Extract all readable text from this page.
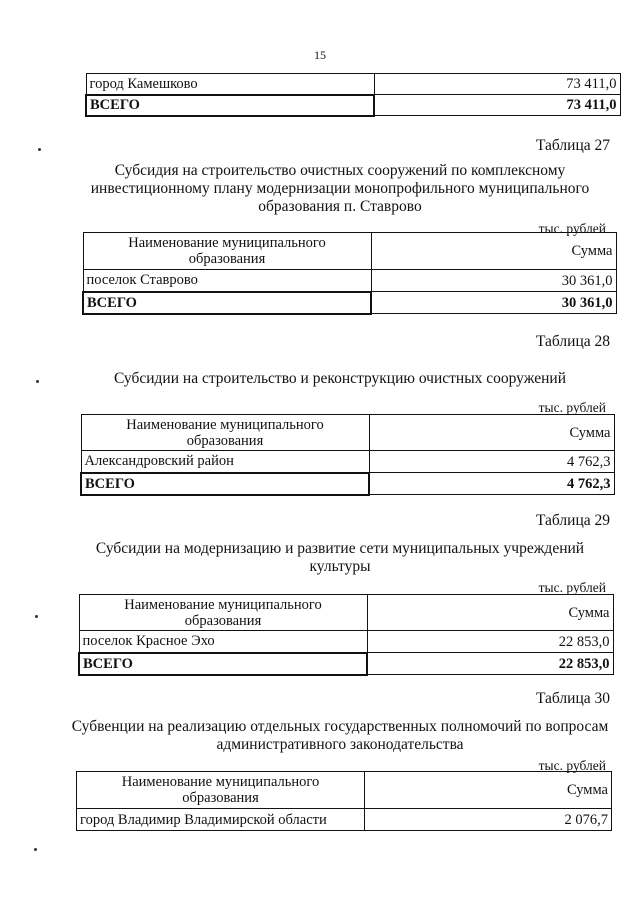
15
город Камешково	73 411,0
ВСЕГО	73 411,0
Таблица 27
Субсидия на строительство очистных сооружений по комплексному
инвестиционному плану модернизации монопрофильного муниципального
образования п. Ставрово
тыс. рублей
Наименование муниципального
образования	Сумма
поселок Ставрово	30 361,0
ВСЕГО	30 361,0
Таблица 28
Субсидии на строительство и реконструкцию очистных сооружений
тыс. рублей
Наименование муниципального
образования	Сумма
Александровский район	4 762,3
ВСЕГО	4 762,3
Таблица 29
Субсидии на модернизацию и развитие сети муниципальных учреждений
культуры
тыс. рублей
Наименование муниципального
образования	Сумма
поселок Красное Эхо	22 853,0
ВСЕГО	22 853,0
Таблица 30
Субвенции на реализацию отдельных государственных полномочий по вопросам
административного законодательства
тыс. рублей
Наименование муниципального
образования	Сумма
город Владимир Владимирской области	2 076,7
